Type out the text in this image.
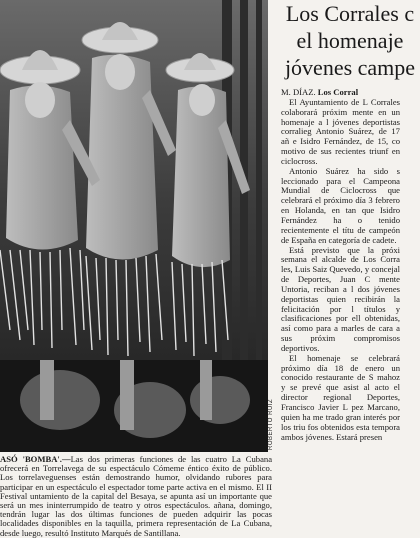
ROBERTO RUIZ
ASÓ 'BOMBA'.—Las dos primeras funciones de las cuatro La Cubana ofrecerá en Torrelavega de su espectáculo Cómeme éntico éxito de público. Los torrelaveguenses están demostrando humor, olvidando rubores para participar en un espectáculo el espectador tome parte activa en el mismo. El II Festival untamiento de la capital del Besaya, se apunta así un importante que será un mes ininterrumpido de teatro y otros espectáculos. añana, domingo, tendrán lugar las dos últimas funciones de pueden adquirir las pocas localidades disponibles en la taquilla, primera representación de La Cubana, desde luego, resultó Instituto Marqués de Santillana.
Los Corrales c
el homenaje
jóvenes campe

M. DÍAZ. Los Corral

El Ayuntamiento de L Corrales colaborará próxim mente en un homenaje a l jóvenes deportistas corralieg Antonio Suárez, de 17 añ e Isidro Fernández, de 15, co motivo de sus recientes triunf en ciclocross.

Antonio Suárez ha sido s leccionado para el Campeona Mundial de Ciclocross que celebrará el próximo día 3 febrero en Holanda, en tan que Isidro Fernández ha o tenido recientemente el títu de campeón de España en categoría de cadete.

Está previsto que la próxi semana el alcalde de Los Corra les, Luis Saiz Quevedo, y concejal de Deportes, Juan C mente Untoria, reciban a l dos jóvenes deportistas quien recibirán la felicitación por l títulos y clasificaciones por ell obtenidas, así como para a marles de cara a sus próxim compromisos deportivos.

El homenaje se celebrará próximo día 18 de enero un conocido restaurante de S mahoz y se prevé que asist al acto el director regional Deportes, Francisco Javier L pez Marcano, quien ha me trado gran interés por los triu fos obtenidos esta tempora ambos jóvenes. Estará presen
